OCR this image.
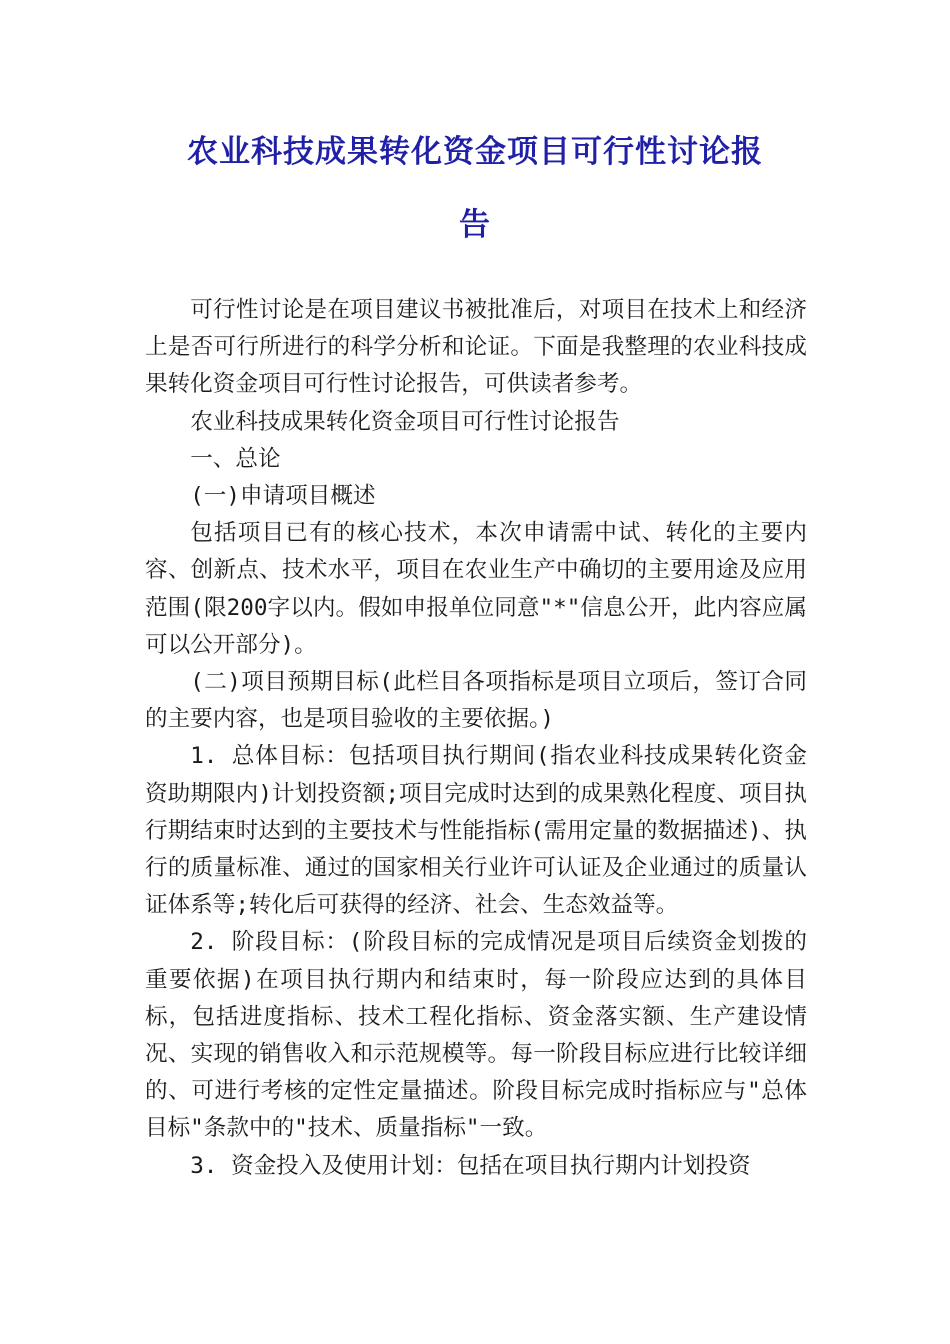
农业科技成果转化资金项目可行性讨论报
告

可行性讨论是在项目建议书被批准后，对项目在技术上和经济上是否可行所进行的科学分析和论证。下面是我整理的农业科技成果转化资金项目可行性讨论报告，可供读者参考。

农业科技成果转化资金项目可行性讨论报告

一、总论

(一)申请项目概述

包括项目已有的核心技术，本次申请需中试、转化的主要内容、创新点、技术水平，项目在农业生产中确切的主要用途及应用范围(限200字以内。假如申报单位同意"*"信息公开，此内容应属可以公开部分)。

(二)项目预期目标(此栏目各项指标是项目立项后，签订合同的主要内容，也是项目验收的主要依据。)

1. 总体目标：包括项目执行期间(指农业科技成果转化资金资助期限内)计划投资额;项目完成时达到的成果熟化程度、项目执行期结束时达到的主要技术与性能指标(需用定量的数据描述)、执行的质量标准、通过的国家相关行业许可认证及企业通过的质量认证体系等;转化后可获得的经济、社会、生态效益等。

2. 阶段目标：(阶段目标的完成情况是项目后续资金划拨的重要依据)在项目执行期内和结束时，每一阶段应达到的具体目标，包括进度指标、技术工程化指标、资金落实额、生产建设情况、实现的销售收入和示范规模等。每一阶段目标应进行比较详细的、可进行考核的定性定量描述。阶段目标完成时指标应与"总体目标"条款中的"技术、质量指标"一致。

3. 资金投入及使用计划：包括在项目执行期内计划投资
